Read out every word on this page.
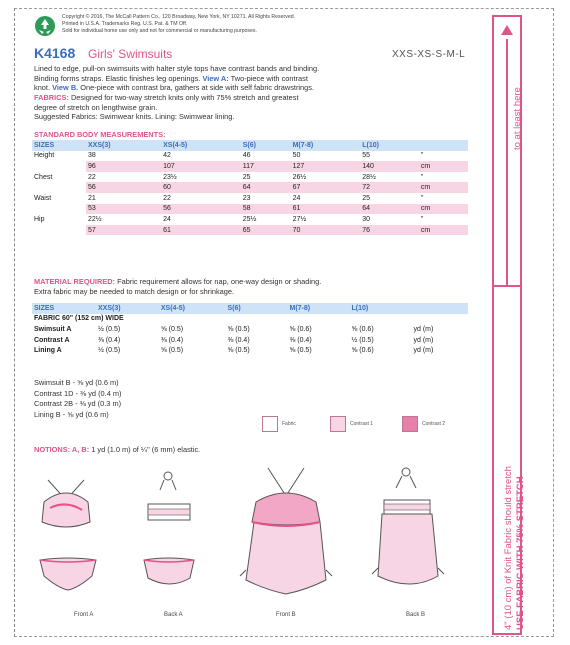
Copyright © 2016, The McCall Pattern Co., 120 Broadway, New York, NY 10271. All Rights Reserved.
Printed in U.S.A. Trademarks Reg. U.S. Pat. & TM Off.
Sold for individual home use only and not for commercial or manufacturing purposes.
K4168 Girls' Swimsuits	XXS-XS-S-M-L
Lined to edge, pull-on swimsuits with halter style tops have contrast bands and binding.
Binding forms straps. Elastic finishes leg openings. View A: Two-piece with contrast
knot. View B. One-piece with contrast bra, gathers at side with self fabric drawstrings.
FABRICS: Designed for two-way stretch knits only with 75% stretch and greatest
degree of stretch on lengthwise grain.
Suggested Fabrics: Swimwear knits. Lining: Swimwear lining.
STANDARD BODY MEASUREMENTS:
SIZES	XXS(3)	XS(4-5)	S(6)	M(7-8)	L(10)		
Height	38	42	46	50	55	"	
	96	107	117	127	140	cm	
Chest	22	23½	25	26½	28½	"	
	56	60	64	67	72	cm	
Waist	21	22	23	24	25	"	
	53	56	58	61	64	cm	
Hip	22½	24	25½	27½	30	"	
	57	61	65	70	76	cm	
MATERIAL REQUIRED: Fabric requirement allows for nap, one-way design or shading.
Extra fabric may be needed to match design or for shrinkage.
SIZES	XXS(3)	XS(4-5)	S(6)	M(7-8)	L(10)	
FABRIC 60" (152 cm) WIDE						
Swimsuit A	½ (0.5)	⅝ (0.5)	⅝ (0.5)	⅝ (0.6)	⅝ (0.6)	yd (m)
Contrast A	⅜ (0.4)	⅜ (0.4)	⅜ (0.4)	⅜ (0.4)	½ (0.5)	yd (m)
Lining A	½ (0.5)	⅝ (0.5)	⅝ (0.5)	⅝ (0.5)	⅝ (0.6)	yd (m)
Swimsuit B - ⅝ yd (0.6 m)
Contrast 1D - ⅜ yd (0.4 m)
Contrast 2B - ⅜ yd (0.3 m)
Lining B - ⅝ yd (0.6 m)
Fabric	Contrast 1	Contrast 2
NOTIONS: A, B: 1 yd (1.0 m) of ¼" (6 mm) elastic.
Front A	Back A	Front B	Back B
to at least here
4" (10 cm) of Knit Fabric should stretch USE FABRIC WITH 75% STRETCH
